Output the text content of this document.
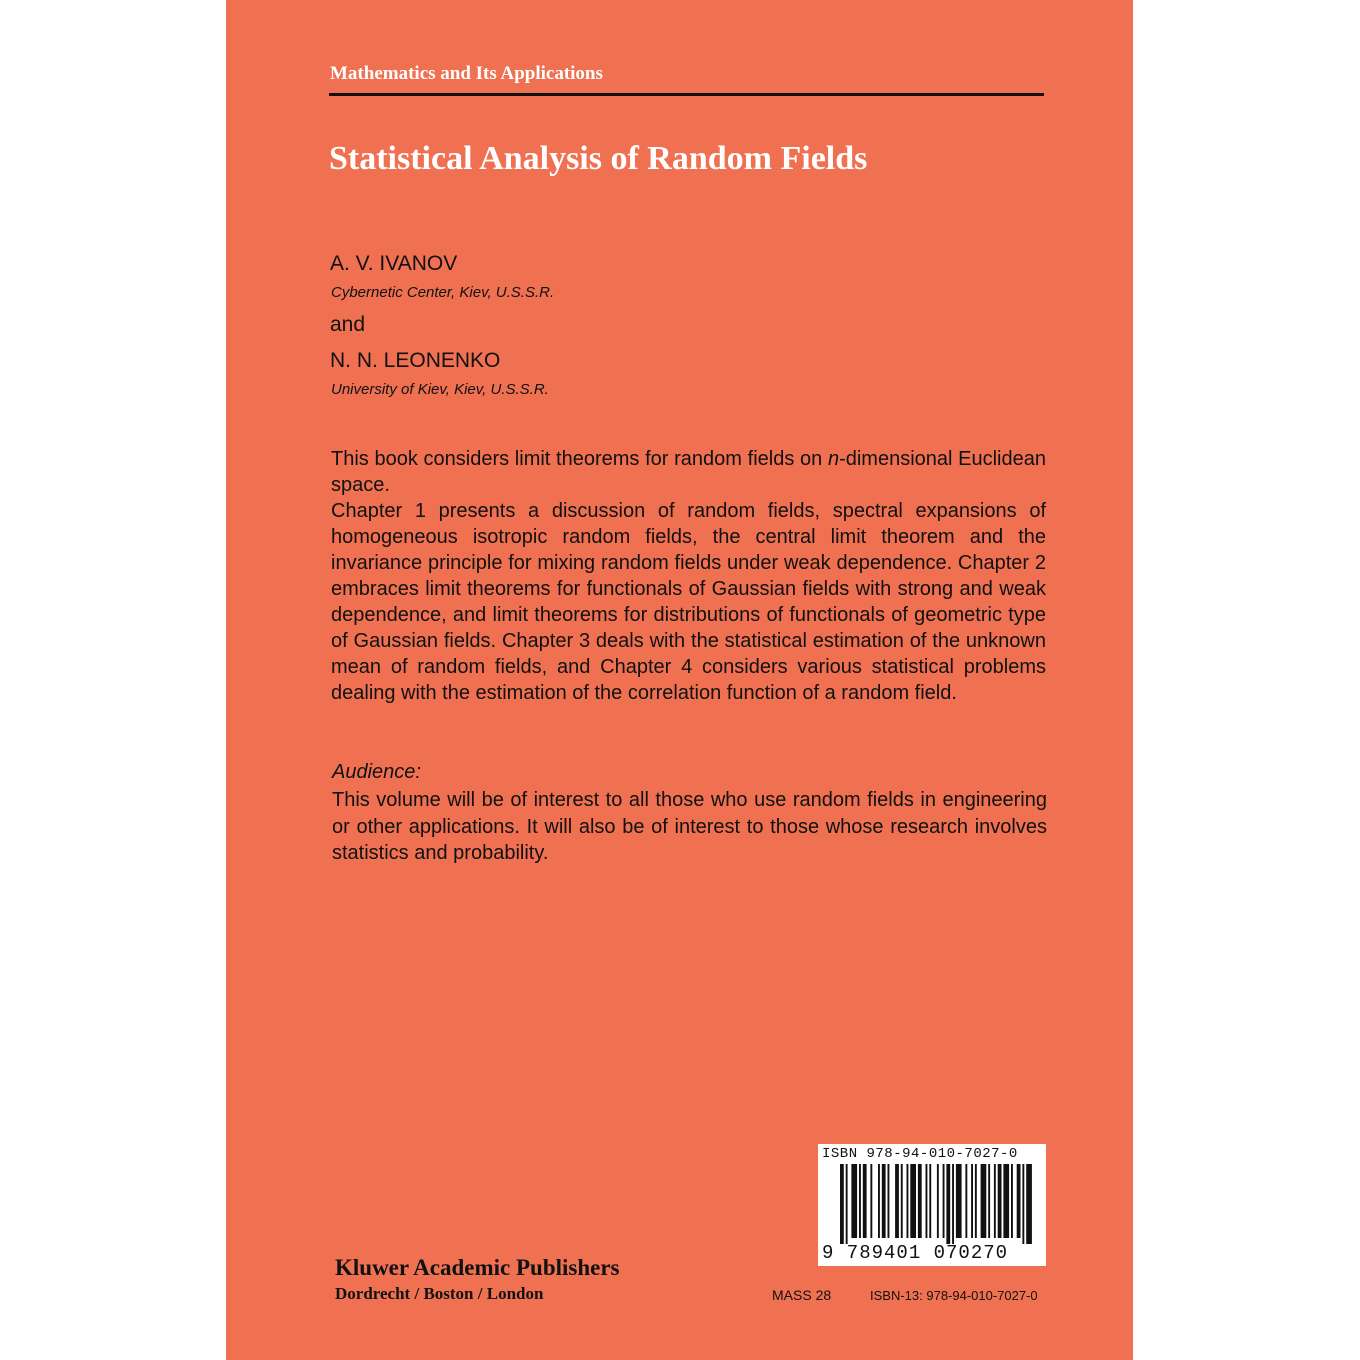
Mathematics and Its Applications
Statistical Analysis of Random Fields
A. V. IVANOV
Cybernetic Center, Kiev, U.S.S.R.
and
N. N. LEONENKO
University of Kiev, Kiev, U.S.S.R.

This book considers limit theorems for random fields on n-dimensional Euclidean space.

Chapter 1 presents a discussion of random fields, spectral expansions of homogeneous isotropic random fields, the central limit theorem and the invariance principle for mixing random fields under weak dependence. Chapter 2 embraces limit theorems for functionals of Gaussian fields with strong and weak dependence, and limit theorems for distributions of functionals of geometric type of Gaussian fields. Chapter 3 deals with the statistical estimation of the unknown mean of random fields, and Chapter 4 considers various statistical problems dealing with the estimation of the correlation function of a random field.

Audience:
This volume will be of interest to all those who use random fields in engineering or other applications. It will also be of interest to those whose research involves statistics and probability.
ISBN 978-94-010-7027-0
9 789401 070270
Kluwer Academic Publishers
Dordrecht / Boston / London	MASS 28	ISBN-13: 978-94-010-7027-0
